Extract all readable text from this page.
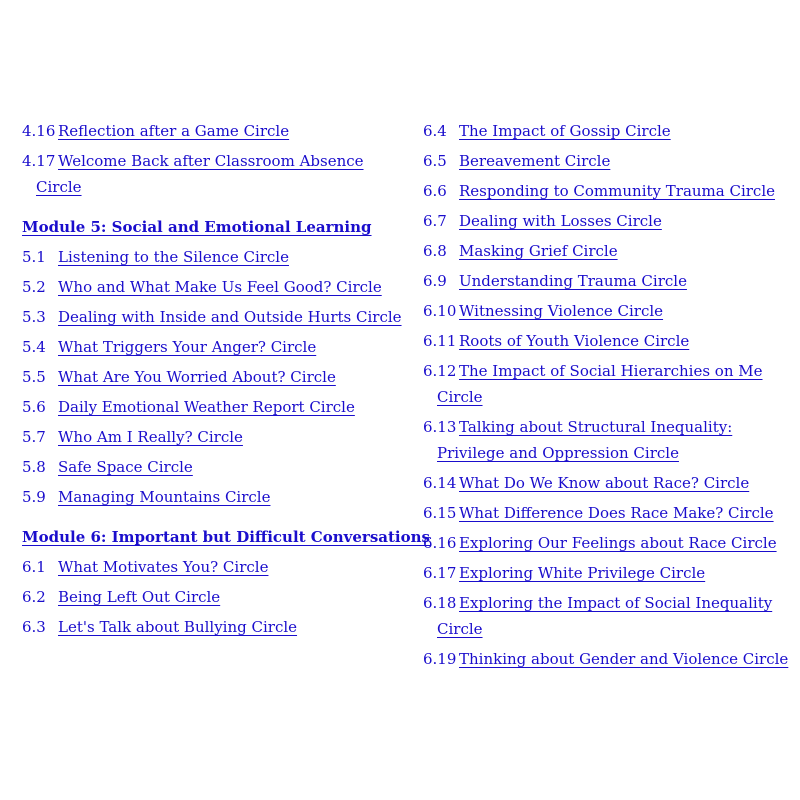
4.16 Reflection after a Game Circle
4.17 Welcome Back after Classroom Absence Circle
Module 5: Social and Emotional Learning
5.1 Listening to the Silence Circle
5.2 Who and What Make Us Feel Good? Circle
5.3 Dealing with Inside and Outside Hurts Circle
5.4 What Triggers Your Anger? Circle
5.5 What Are You Worried About? Circle
5.6 Daily Emotional Weather Report Circle
5.7 Who Am I Really? Circle
5.8 Safe Space Circle
5.9 Managing Mountains Circle
Module 6: Important but Difficult Conversations
6.1 What Motivates You? Circle
6.2 Being Left Out Circle
6.3 Let's Talk about Bullying Circle
6.4 The Impact of Gossip Circle
6.5 Bereavement Circle
6.6 Responding to Community Trauma Circle
6.7 Dealing with Losses Circle
6.8 Masking Grief Circle
6.9 Understanding Trauma Circle
6.10 Witnessing Violence Circle
6.11 Roots of Youth Violence Circle
6.12 The Impact of Social Hierarchies on Me Circle
6.13 Talking about Structural Inequality: Privilege and Oppression Circle
6.14 What Do We Know about Race? Circle
6.15 What Difference Does Race Make? Circle
6.16 Exploring Our Feelings about Race Circle
6.17 Exploring White Privilege Circle
6.18 Exploring the Impact of Social Inequality Circle
6.19 Thinking about Gender and Violence Circle
